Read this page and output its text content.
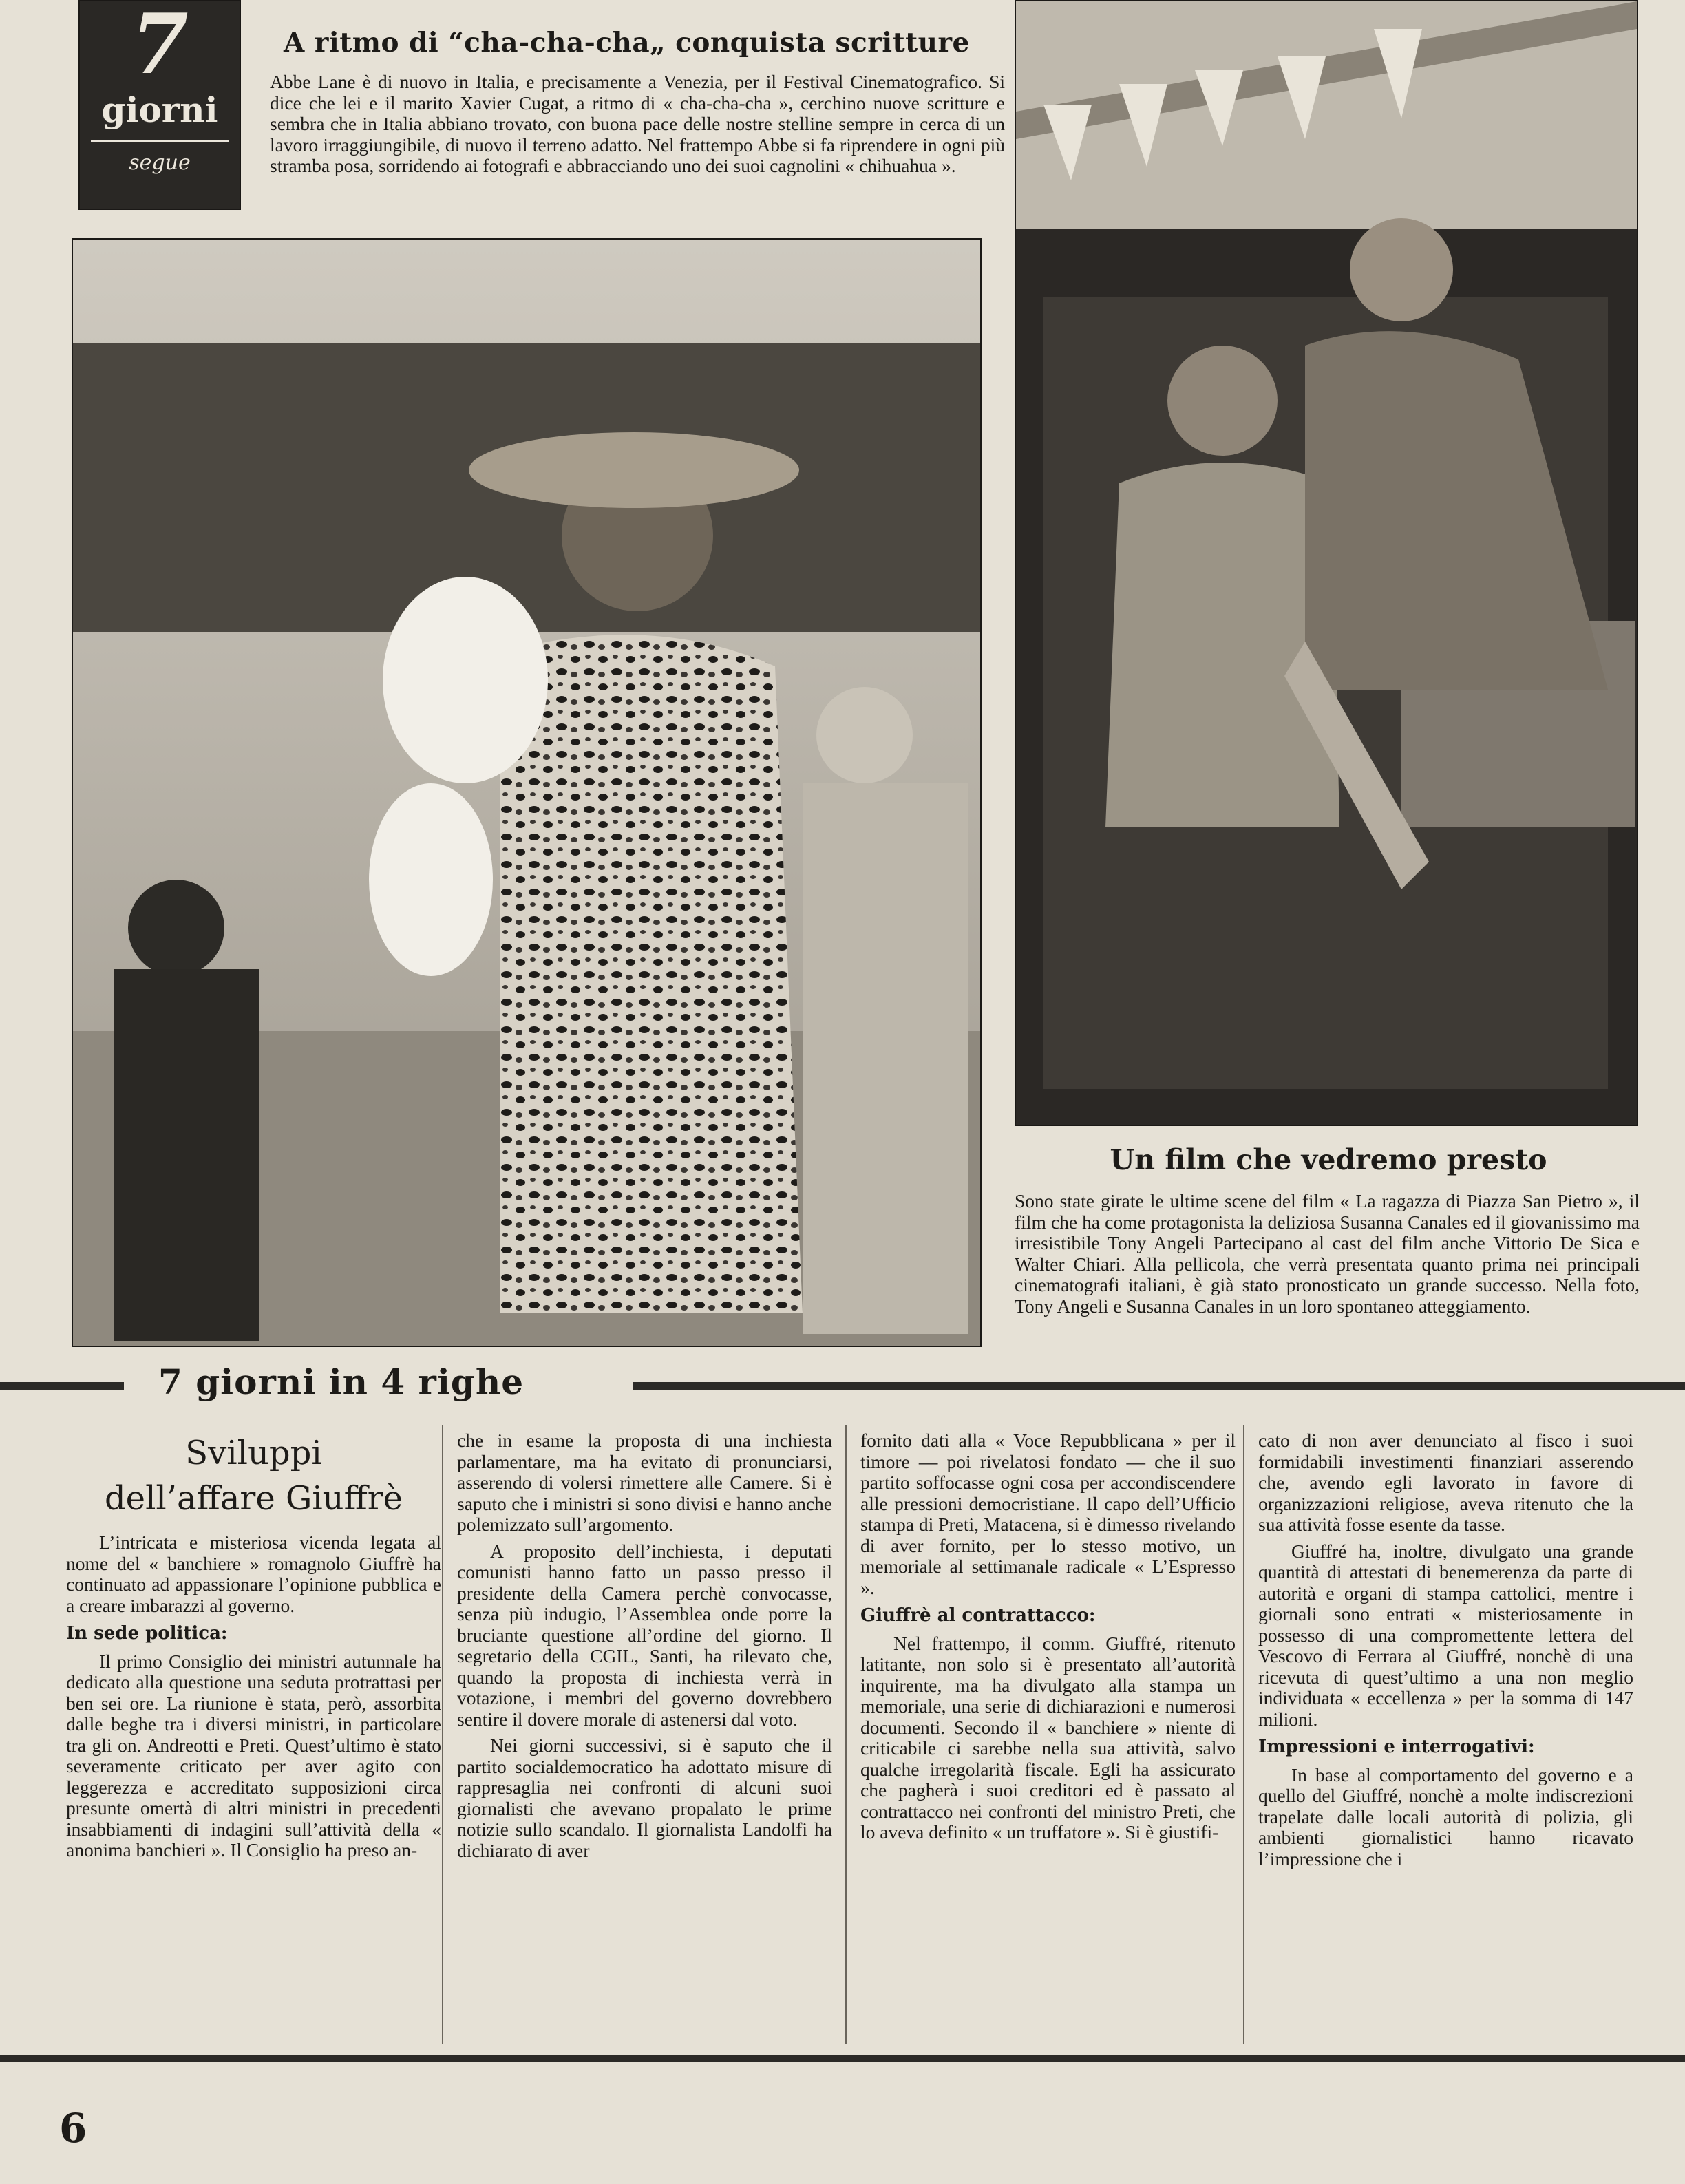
7
giorni
segue
A ritmo di “cha-cha-cha„ conquista scritture
Abbe Lane è di nuovo in Italia, e precisamente a Venezia, per il Festival Cinematografico. Si dice che lei e il marito Xavier Cugat, a ritmo di « cha-cha-cha », cerchino nuove scritture e sembra che in Italia abbiano trovato, con buona pace delle nostre stelline sempre in cerca di un lavoro irraggiungibile, di nuovo il terreno adatto. Nel frattempo Abbe si fa riprendere in ogni più stramba posa, sorridendo ai fotografi e abbracciando uno dei suoi cagnolini « chihuahua ».
Un film che vedremo presto
Sono state girate le ultime scene del film « La ragazza di Piazza San Pietro », il film che ha come protagonista la deliziosa Susanna Canales ed il giovanissimo ma irresistibile Tony Angeli Partecipano al cast del film anche Vittorio De Sica e Walter Chiari. Alla pellicola, che verrà presentata quanto prima nei principali cinematografi italiani, è già stato pronosticato un grande successo. Nella foto, Tony Angeli e Susanna Canales in un loro spontaneo atteggiamento.
7 giorni in 4 righe
Sviluppi
dell’affare Giuffrè

L’intricata e misteriosa vicenda legata al nome del « banchiere » romagnolo Giuffrè ha continuato ad appassionare l’opinione pubblica e a creare imbarazzi al governo.

In sede politica:

Il primo Consiglio dei ministri autunnale ha dedicato alla questione una seduta protrattasi per ben sei ore. La riunione è stata, però, assorbita dalle beghe tra i diversi ministri, in particolare tra gli on. Andreotti e Preti. Quest’ultimo è stato severamente criticato per aver agito con leggerezza e accreditato supposizioni circa presunte omertà di altri ministri in precedenti insabbiamenti di indagini sull’attività della « anonima banchieri ». Il Consiglio ha preso an-

che in esame la proposta di una inchiesta parlamentare, ma ha evitato di pronunciarsi, asserendo di volersi rimettere alle Camere. Si è saputo che i ministri si sono divisi e hanno anche polemizzato sull’argomento.

A proposito dell’inchiesta, i deputati comunisti hanno fatto un passo presso il presidente della Camera perchè convocasse, senza più indugio, l’Assemblea onde porre la bruciante questione all’ordine del giorno. Il segretario della CGIL, Santi, ha rilevato che, quando la proposta di inchiesta verrà in votazione, i membri del governo dovrebbero sentire il dovere morale di astenersi dal voto.

Nei giorni successivi, si è saputo che il partito socialdemocratico ha adottato misure di rappresaglia nei confronti di alcuni suoi giornalisti che avevano propalato le prime notizie sullo scandalo. Il giornalista Landolfi ha dichiarato di aver

fornito dati alla « Voce Repubblicana » per il timore — poi rivelatosi fondato — che il suo partito soffocasse ogni cosa per accondiscendere alle pressioni democristiane. Il capo dell’Ufficio stampa di Preti, Matacena, si è dimesso rivelando di aver fornito, per lo stesso motivo, un memoriale al settimanale radicale « L’Espresso ».

Giuffrè al contrattacco:

Nel frattempo, il comm. Giuffré, ritenuto latitante, non solo si è presentato all’autorità inquirente, ma ha divulgato alla stampa un memoriale, una serie di dichiarazioni e numerosi documenti. Secondo il « banchiere » niente di criticabile ci sarebbe nella sua attività, salvo qualche irregolarità fiscale. Egli ha assicurato che pagherà i suoi creditori ed è passato al contrattacco nei confronti del ministro Preti, che lo aveva definito « un truffatore ». Si è giustifi-

cato di non aver denunciato al fisco i suoi formidabili investimenti finanziari asserendo che, avendo egli lavorato in favore di organizzazioni religiose, aveva ritenuto che la sua attività fosse esente da tasse.

Giuffré ha, inoltre, divulgato una grande quantità di attestati di benemerenza da parte di autorità e organi di stampa cattolici, mentre i giornali sono entrati « misteriosamente in possesso di una compromettente lettera del Vescovo di Ferrara al Giuffré, nonchè di una ricevuta di quest’ultimo a una non meglio individuata « eccellenza » per la somma di 147 milioni.

Impressioni e interrogativi:

In base al comportamento del governo e a quello del Giuffré, nonchè a molte indiscrezioni trapelate dalle locali autorità di polizia, gli ambienti giornalistici hanno ricavato l’impressione che i

6
